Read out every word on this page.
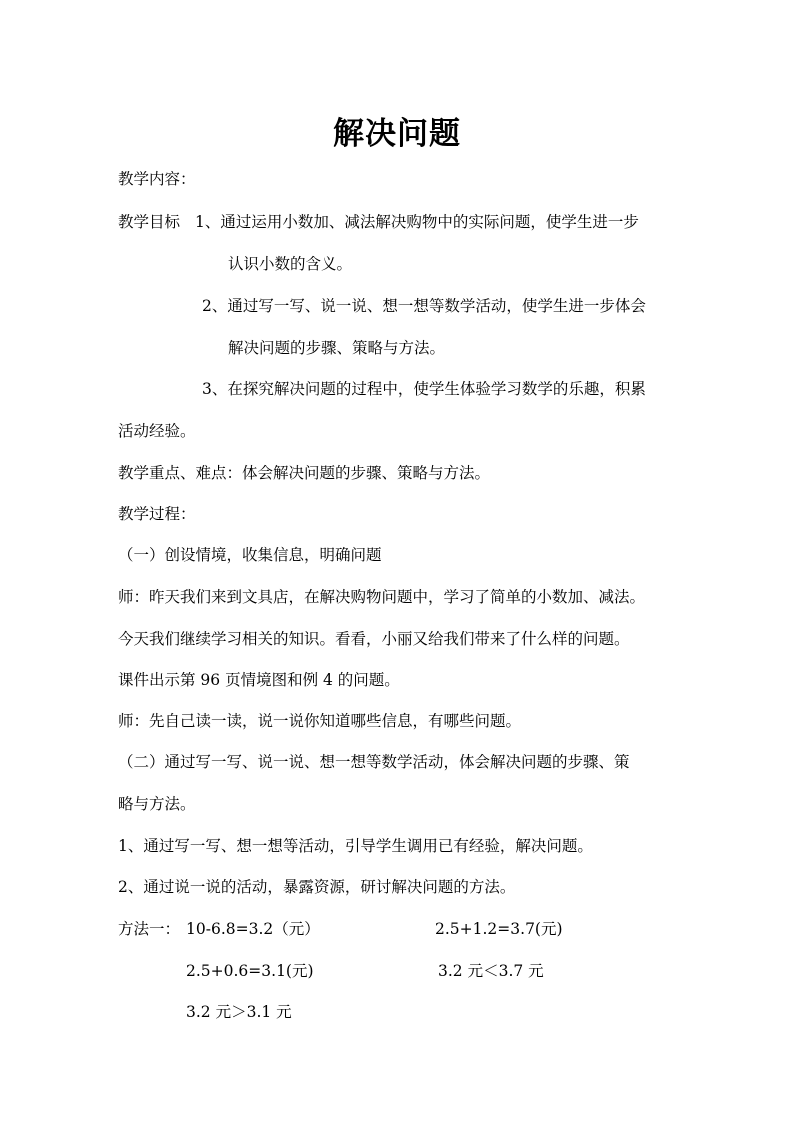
解决问题
教学内容：
教学目标 1、通过运用小数加、减法解决购物中的实际问题，使学生进一步
认识小数的含义。
2、通过写一写、说一说、想一想等数学活动，使学生进一步体会
解决问题的步骤、策略与方法。
3、在探究解决问题的过程中，使学生体验学习数学的乐趣，积累
活动经验。
教学重点、难点：体会解决问题的步骤、策略与方法。
教学过程：
（一）创设情境，收集信息，明确问题
师：昨天我们来到文具店，在解决购物问题中，学习了简单的小数加、减法。
今天我们继续学习相关的知识。看看，小丽又给我们带来了什么样的问题。
课件出示第 96 页情境图和例 4 的问题。
师：先自己读一读，说一说你知道哪些信息，有哪些问题。
（二）通过写一写、说一说、想一想等数学活动，体会解决问题的步骤、策
略与方法。
1、通过写一写、想一想等活动，引导学生调用已有经验，解决问题。
2、通过说一说的活动，暴露资源，研讨解决问题的方法。
方法一： 10-6.8=3.2（元）	2.5+1.2=3.7(元)
2.5+0.6=3.1(元)	3.2 元＜3.7 元
3.2 元＞3.1 元
